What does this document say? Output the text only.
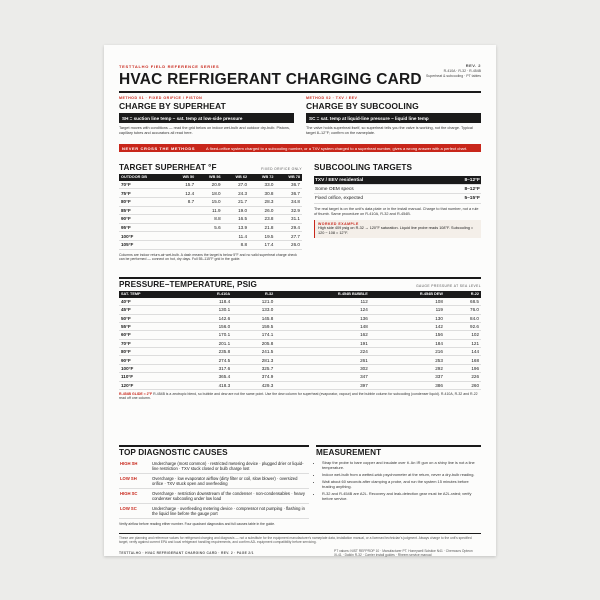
TESTTALHO FIELD REFERENCE SERIES
HVAC REFRIGERANT CHARGING CARD
REV. 2
R-410A · R-32 · R-454B
Superheat & subcooling · PT tables
METHOD 01 · FIXED ORIFICE / PISTON
CHARGE BY SUPERHEAT
SH = suction line temp − sat. temp at low-side pressure
Target moves with conditions — read the grid below on indoor wet-bulb and outdoor dry-bulb. Pistons, capillary tubes and accurators all read here.
METHOD 02 · TXV / EEV
CHARGE BY SUBCOOLING
SC = sat. temp at liquid-line pressure − liquid line temp
The valve holds superheat itself, so superheat tells you the valve is working, not the charge. Typical target 8–12°F; confirm on the nameplate.
NEVER CROSS THE METHODS	A fixed-orifice system charged to a subcooling number, or a TXV system charged to a superheat number, gives a wrong answer with a perfect chart.
TARGET SUPERHEAT °F	FIXED ORIFICE ONLY
OUTDOOR DB	WB 50	WB 56	WB 62	WB 72	WB 78
70°F	15.7	20.9	27.0	33.0	36.7
75°F	12.4	18.0	24.3	30.8	36.7
80°F	8.7	15.0	21.7	28.3	34.8
85°F		11.9	19.0	26.0	32.9
90°F		8.8	16.5	23.8	31.1
95°F		5.6	13.9	21.8	29.4
100°F			11.4	19.5	27.7
105°F			8.8	17.4	26.0
Columns are indoor return-air wet-bulb. A dash means the target is below 5°F and no valid superheat charge check can be performed — connect on hot, dry days. Full 55–115°F grid in the guide.
SUBCOOLING TARGETS
TXV / EEV residential	8–12°F
Some OEM specs	8–12°F
Fixed orifice, expected	5–15°F
The real target is on the unit's data plate or in the install manual. Charge to that number, not a rule of thumb. Same procedure on R-410A, R-32 and R-454B.
WORKED EXAMPLE
High side 409 psig on R-32 → 120°F saturation. Liquid line probe reads 108°F. Subcooling = 120 − 108 = 12°F.
PRESSURE–TEMPERATURE, PSIG	GAUGE PRESSURE AT SEA LEVEL
SAT. TEMP	R-410A	R-32	R-454B BUBBLE	R-454B DEW	R-22
40°F	118.4	121.0	112	108	68.5
45°F	130.1	133.0	124	119	76.0
50°F	142.6	145.8	136	130	84.0
55°F	156.0	159.5	148	142	92.6
60°F	170.1	174.1	162	156	102
70°F	201.1	205.8	191	184	121
80°F	235.8	241.5	224	216	144
90°F	274.5	281.3	261	253	168
100°F	317.6	325.7	302	292	196
110°F	365.4	374.9	347	337	226
120°F	418.3	429.3	397	386	260
R-454B GLIDE ≈ 2°F R-454B is a zeotropic blend, so bubble and dew are not the same point. Use the dew column for superheat (evaporator, vapour) and the bubble column for subcooling (condenser liquid). R-410A, R-32 and R-22 read off one column.
TOP DIAGNOSTIC CAUSES
HIGH SH	Undercharge (most common) · restricted metering device · plugged drier or liquid-line restriction · TXV stuck closed or bulb charge lost
LOW SH	Overcharge · low evaporator airflow (dirty filter or coil, slow blower) · oversized orifice · TXV stuck open and overfeeding
HIGH SC	Overcharge · restriction downstream of the condenser · non-condensables · heavy condenser subcooling under low load
LOW SC	Undercharge · overfeeding metering device · compressor not pumping · flashing in the liquid line before the gauge port
Verify airflow before reading either number. Four quadrant diagnostics and full causes table in the guide.
MEASUREMENT
• Strap the probe to bare copper and insulate over it. An IR gun on a shiny line is not a line temperature.
• Indoor wet-bulb from a wetted-wick psychrometer at the return, never a dry-bulb reading.
• Wait about 60 seconds after clamping a probe, and run the system 15 minutes before trusting anything.
• R-32 and R-454B are A2L. Recovery and leak-detection gear must be A2L-rated; verify before service.
These are planning and reference values for refrigerant charging and diagnosis — not a substitute for the equipment manufacturer's nameplate data, installation manual, or a licensed technician's judgment. Always charge to the unit's specified target, verify against current EPA and local refrigerant handling requirements, and confirm A2L equipment compatibility before servicing.
TESTTALHO · HVAC REFRIGERANT CHARGING CARD · REV. 2 · PAGE 2/1	PT values: NIST REFPROP 10 · Manufacturer PT. Honeywell Solstice N41 · Chemours Opteon XL41 · Daikin R-32 · Carrier install guides · Rheem service manual
